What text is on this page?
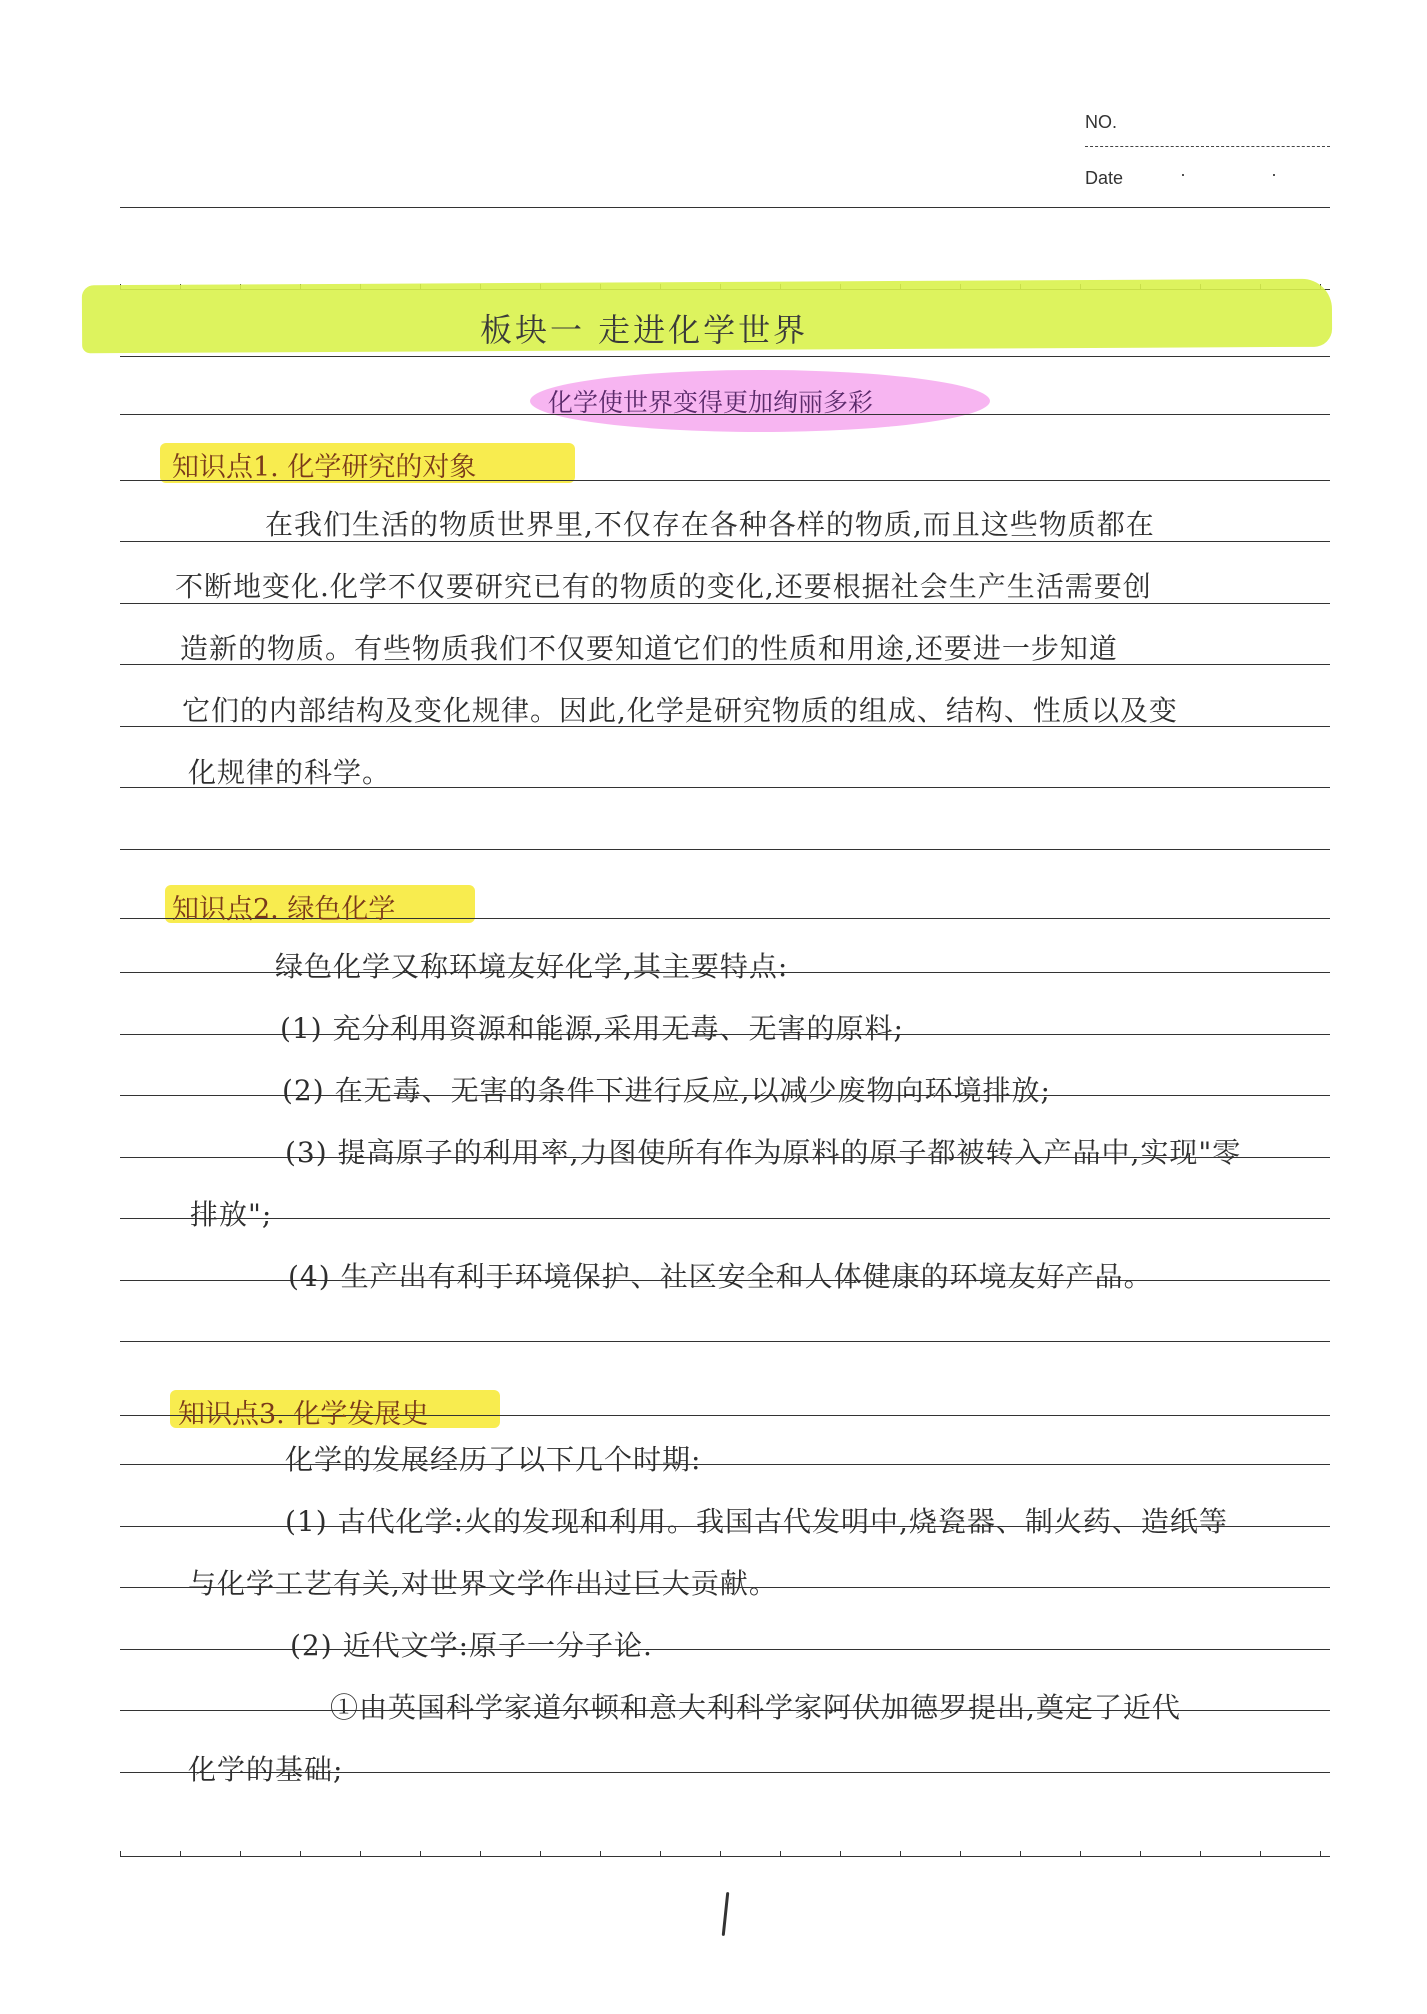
NO.
Date	· ·
板块一 走进化学世界
化学使世界变得更加绚丽多彩
知识点1. 化学研究的对象
在我们生活的物质世界里,不仅存在各种各样的物质,而且这些物质都在
不断地变化.化学不仅要研究已有的物质的变化,还要根据社会生产生活需要创
造新的物质。有些物质我们不仅要知道它们的性质和用途,还要进一步知道
它们的内部结构及变化规律。因此,化学是研究物质的组成、结构、性质以及变
化规律的科学。
知识点2. 绿色化学
绿色化学又称环境友好化学,其主要特点:
(1) 充分利用资源和能源,采用无毒、无害的原料;
(2) 在无毒、无害的条件下进行反应,以减少废物向环境排放;
(3) 提高原子的利用率,力图使所有作为原料的原子都被转入产品中,实现"零
排放";
(4) 生产出有利于环境保护、社区安全和人体健康的环境友好产品。
知识点3. 化学发展史
化学的发展经历了以下几个时期:
(1) 古代化学:火的发现和利用。我国古代发明中,烧瓷器、制火药、造纸等
与化学工艺有关,对世界文学作出过巨大贡献。
(2) 近代文学:原子一分子论.
①由英国科学家道尔顿和意大利科学家阿伏加德罗提出,奠定了近代
化学的基础;
